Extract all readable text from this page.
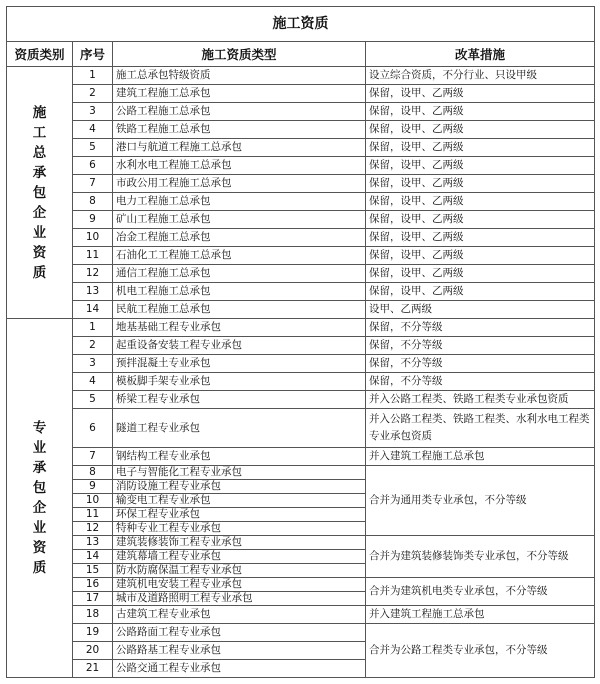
施工资质			
资质类别	序号	施工资质类型	改革措施
施工总承包企业资质	1	施工总承包特级资质	设立综合资质，不分行业、只设甲级
	2	建筑工程施工总承包	保留，设甲、乙两级
	3	公路工程施工总承包	保留，设甲、乙两级
	4	铁路工程施工总承包	保留，设甲、乙两级
	5	港口与航道工程施工总承包	保留，设甲、乙两级
	6	水利水电工程施工总承包	保留，设甲、乙两级
	7	市政公用工程施工总承包	保留，设甲、乙两级
	8	电力工程施工总承包	保留，设甲、乙两级
	9	矿山工程施工总承包	保留，设甲、乙两级
	10	冶金工程施工总承包	保留，设甲、乙两级
	11	石油化工工程施工总承包	保留，设甲、乙两级
	12	通信工程施工总承包	保留，设甲、乙两级
	13	机电工程施工总承包	保留，设甲、乙两级
	14	民航工程施工总承包	设甲、乙两级
专业承包企业资质	1	地基基础工程专业承包	保留，不分等级
	2	起重设备安装工程专业承包	保留，不分等级
	3	预拌混凝土专业承包	保留，不分等级
	4	模板脚手架专业承包	保留，不分等级
	5	桥梁工程专业承包	并入公路工程类、铁路工程类专业承包资质
	6	隧道工程专业承包	并入公路工程类、铁路工程类、水利水电工程类专业承包资质
	7	钢结构工程专业承包	并入建筑工程施工总承包
	8	电子与智能化工程专业承包	合并为通用类专业承包，不分等级
	9	消防设施工程专业承包	
	10	输变电工程专业承包	
	11	环保工程专业承包	
	12	特种专业工程专业承包	
	13	建筑装修装饰工程专业承包	合并为建筑装修装饰类专业承包，不分等级
	14	建筑幕墙工程专业承包	
	15	防水防腐保温工程专业承包	
	16	建筑机电安装工程专业承包	合并为建筑机电类专业承包，不分等级
	17	城市及道路照明工程专业承包	
	18	古建筑工程专业承包	并入建筑工程施工总承包
	19	公路路面工程专业承包	合并为公路工程类专业承包，不分等级
	20	公路路基工程专业承包	
	21	公路交通工程专业承包	
